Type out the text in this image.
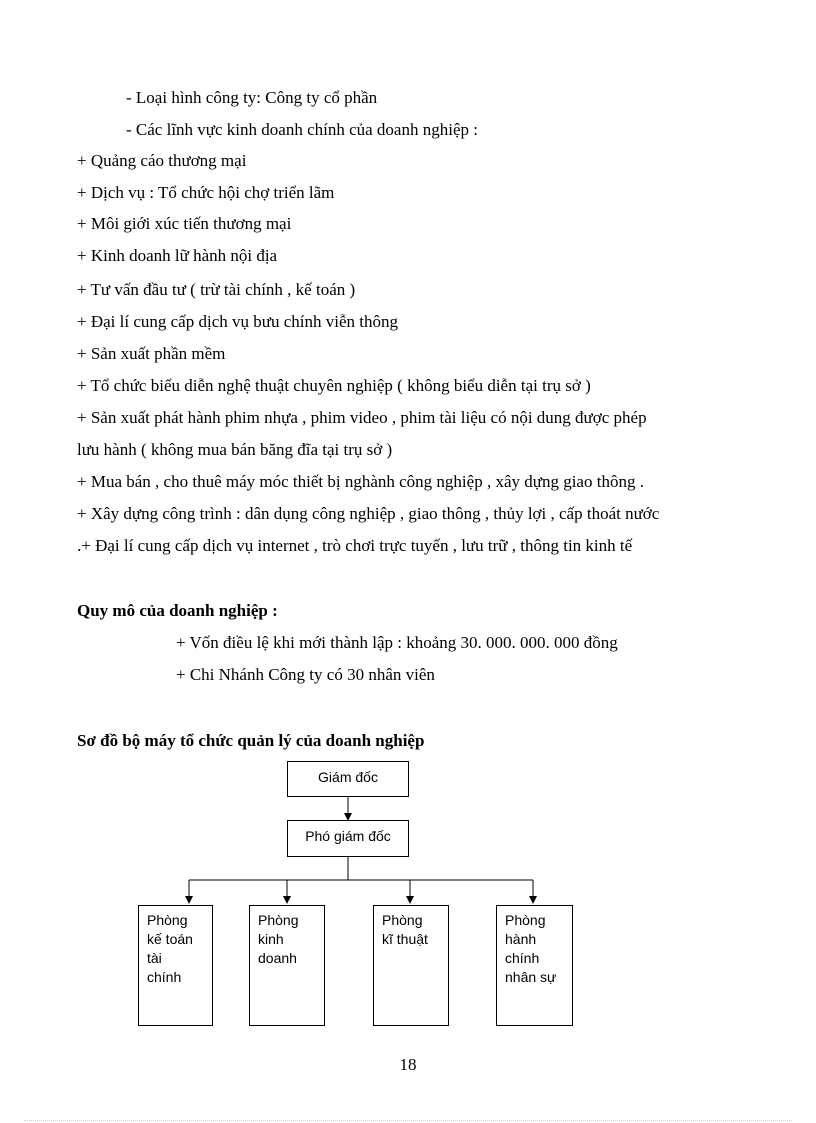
- Loại hình công ty: Công ty cổ phần
- Các lĩnh vực kinh doanh chính của doanh nghiệp :
+ Quảng cáo thương mại
+ Dịch vụ : Tổ chức hội chợ triển lãm
+ Môi giới xúc tiến thương mại
+ Kinh doanh lữ hành nội địa
+ Tư vấn đầu tư ( trừ tài chính , kế toán )
+ Đại lí cung cấp dịch vụ bưu chính viễn thông
+ Sản xuất phần mềm
+ Tổ chức biểu diễn nghệ thuật chuyên nghiệp ( không biểu diễn tại trụ sở )
+ Sản xuất phát hành phim nhựa , phim video , phim tài liệu có nội dung được phép
lưu hành ( không mua bán băng đĩa tại trụ sở )
+ Mua bán , cho thuê máy móc thiết bị nghành công nghiệp , xây dựng giao thông .
+ Xây dựng công trình : dân dụng công nghiệp , giao thông , thủy lợi , cấp thoát nước
.+ Đại lí cung cấp dịch vụ internet , trò chơi trực tuyến , lưu trữ , thông tin kinh tế
Quy mô của doanh nghiệp :
+ Vốn điều lệ khi mới thành lập : khoảng 30. 000. 000. 000 đồng
+ Chi Nhánh Công ty có 30 nhân viên
Sơ đồ bộ máy tổ chức quản lý của doanh nghiệp
Giám đốc
Phó giám đốc
Phòng
kế toán
tài
chính
Phòng
kinh
doanh
Phòng
kĩ thuật
Phòng
hành
chính
nhân sự
18
